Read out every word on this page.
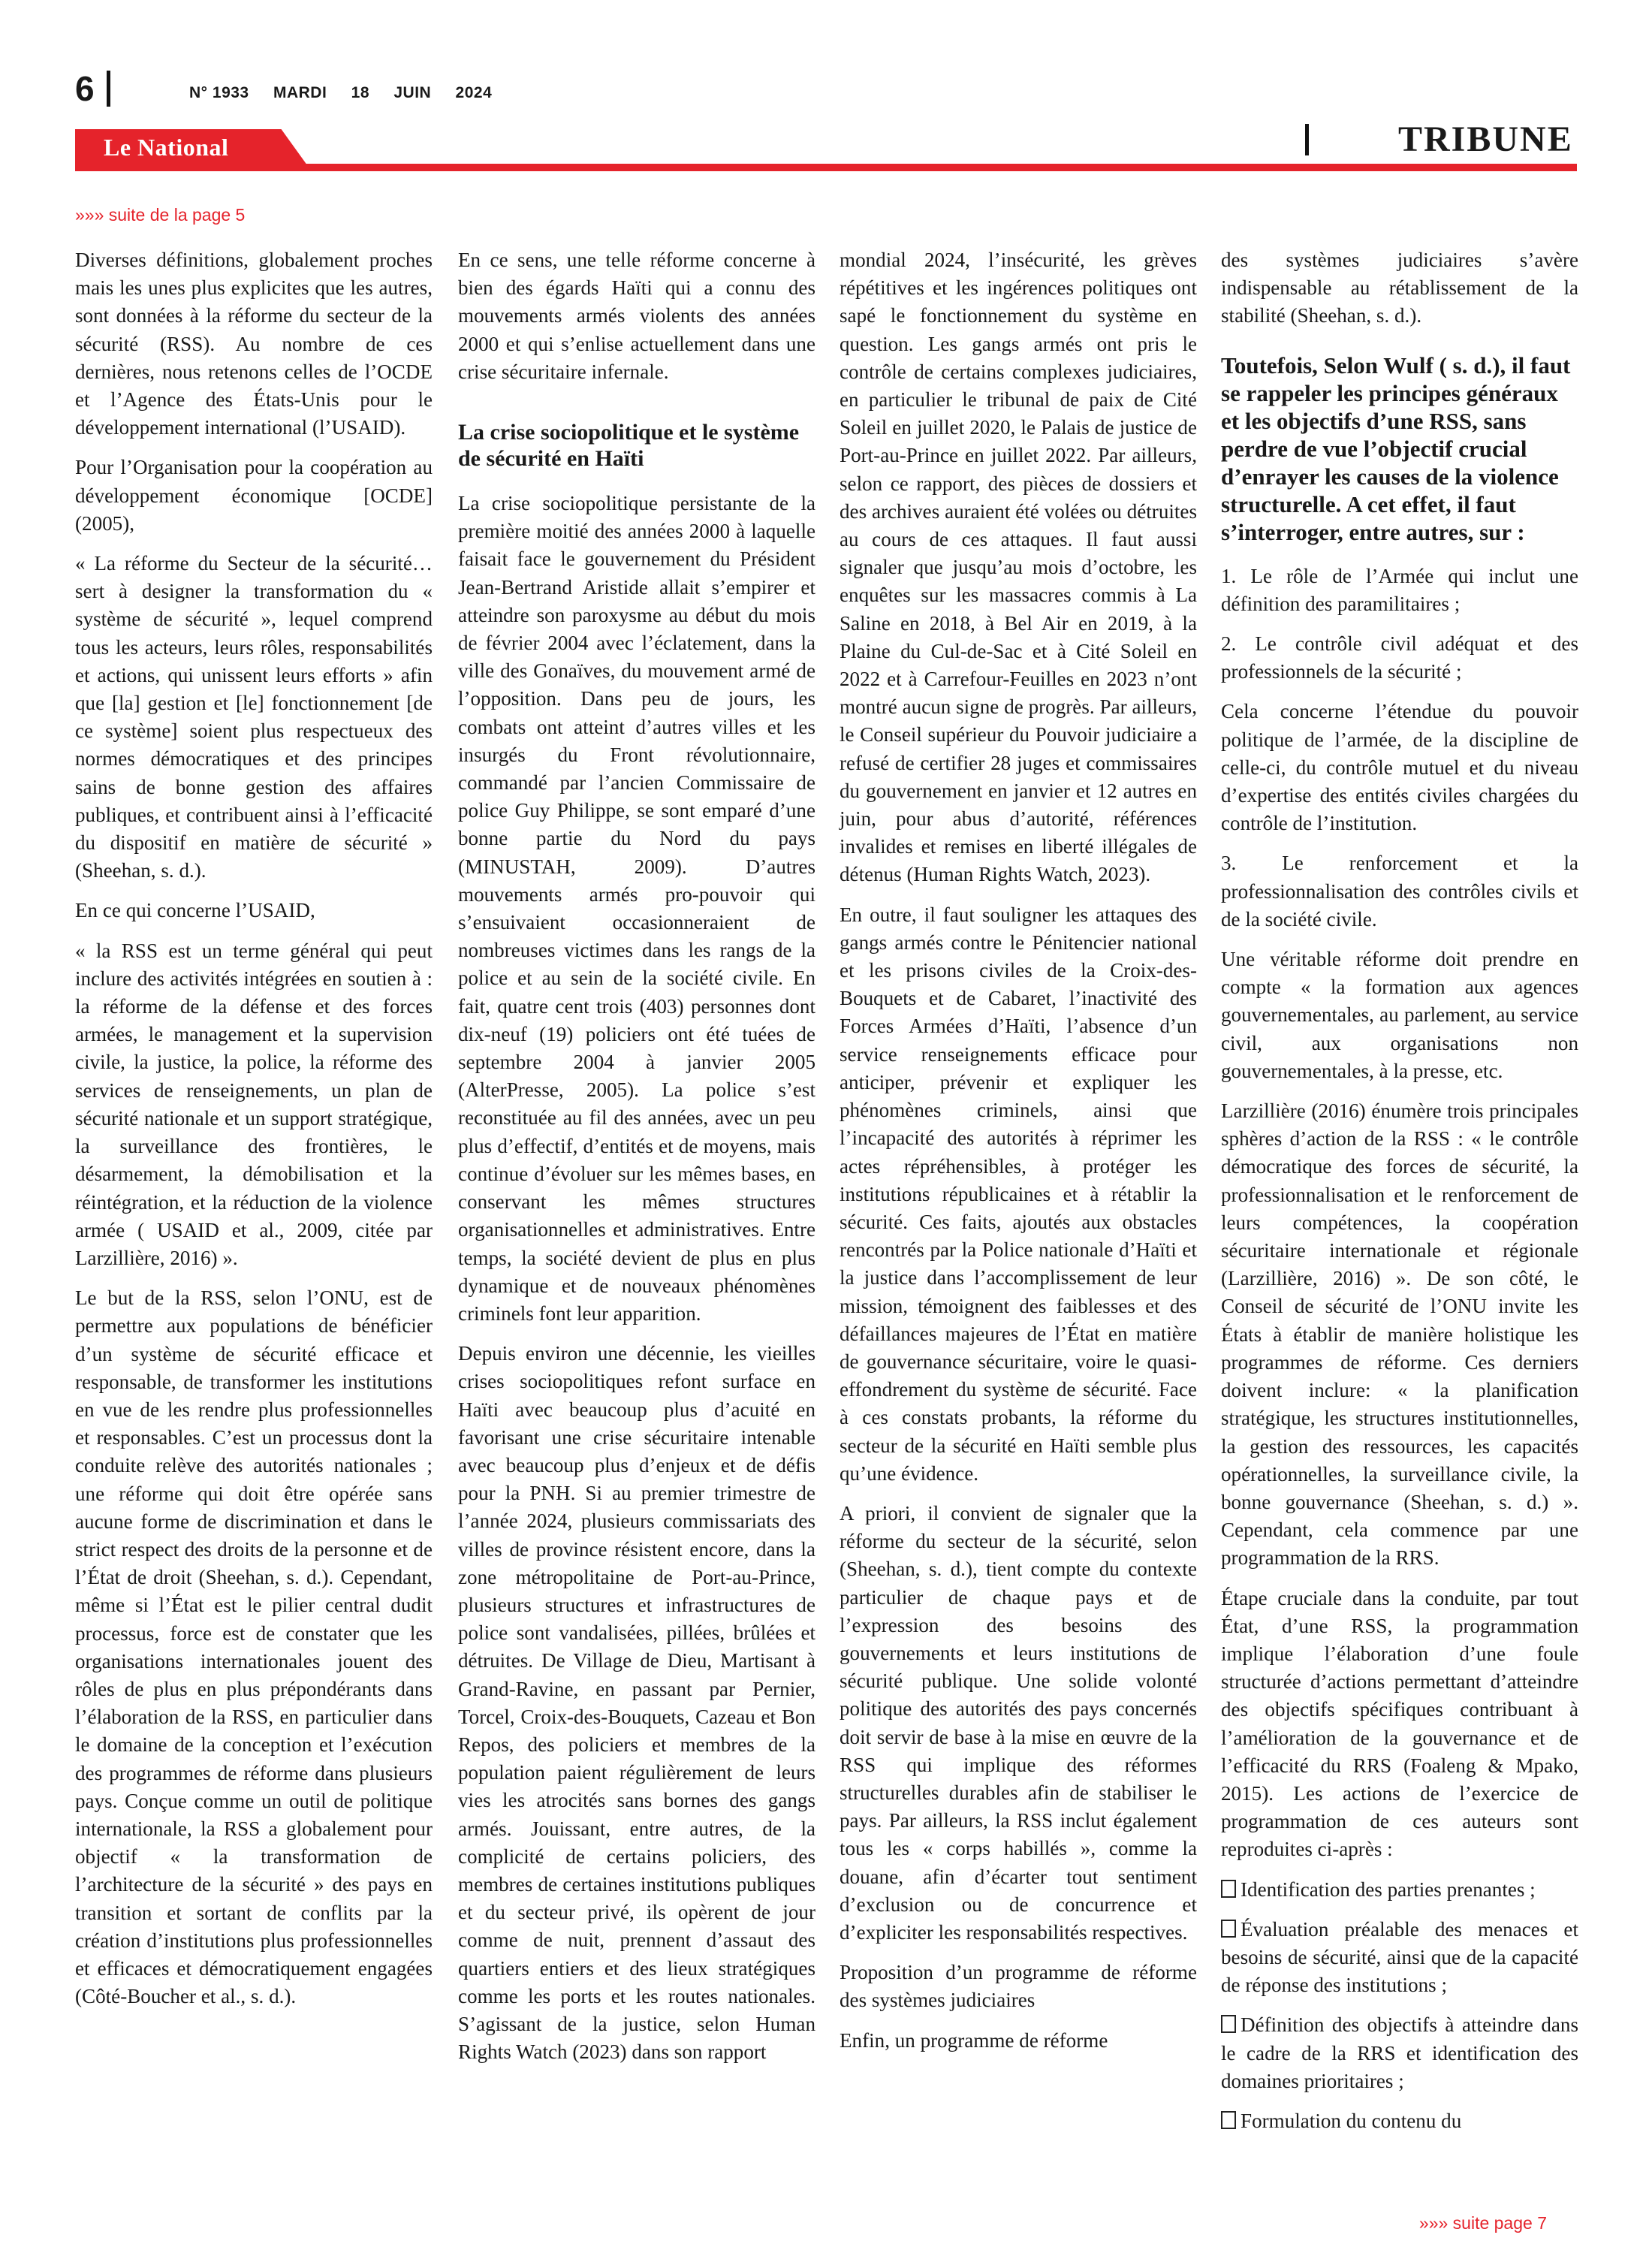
6	N° 1933 MARDI 18 JUIN 2024
Le National	TRIBUNE
»»» suite de la page 5

Diverses définitions, globalement proches mais les unes plus explicites que les autres, sont données à la réforme du secteur de la sécurité (RSS). Au nombre de ces dernières, nous retenons celles de l’OCDE et l’Agence des États-Unis pour le développement international (l’USAID).

Pour l’Organisation pour la coopération au développement économique [OCDE] (2005),

« La réforme du Secteur de la sécurité… sert à designer la transformation du « système de sécurité », lequel comprend tous les acteurs, leurs rôles, responsabilités et actions, qui unissent leurs efforts » afin que [la] gestion et [le] fonctionnement [de ce système] soient plus respectueux des normes démocratiques et des principes sains de bonne gestion des affaires publiques, et contribuent ainsi à l’efficacité du dispositif en matière de sécurité » (Sheehan, s. d.).

En ce qui concerne l’USAID,

« la RSS est un terme général qui peut inclure des activités intégrées en soutien à : la réforme de la défense et des forces armées, le management et la supervision civile, la justice, la police, la réforme des services de renseignements, un plan de sécurité nationale et un support stratégique, la surveillance des frontières, le désarmement, la démobilisation et la réintégration, et la réduction de la violence armée ( USAID et al., 2009, citée par Larzillière, 2016) ».

Le but de la RSS, selon l’ONU, est de permettre aux populations de bénéficier d’un système de sécurité efficace et responsable, de transformer les institutions en vue de les rendre plus professionnelles et responsables. C’est un processus dont la conduite relève des autorités nationales ; une réforme qui doit être opérée sans aucune forme de discrimination et dans le strict respect des droits de la personne et de l’État de droit (Sheehan, s. d.). Cependant, même si l’État est le pilier central dudit processus, force est de constater que les organisations internationales jouent des rôles de plus en plus prépondérants dans l’élaboration de la RSS, en particulier dans le domaine de la conception et l’exécution des programmes de réforme dans plusieurs pays. Conçue comme un outil de politique internationale, la RSS a globalement pour objectif « la transformation de l’architecture de la sécurité » des pays en transition et sortant de conflits par la création d’institutions plus professionnelles et efficaces et démocratiquement engagées (Côté-Boucher et al., s. d.).

En ce sens, une telle réforme concerne à bien des égards Haïti qui a connu des mouvements armés violents des années 2000 et qui s’enlise actuellement dans une crise sécuritaire infernale.

La crise sociopolitique et le système de sécurité en Haïti

La crise sociopolitique persistante de la première moitié des années 2000 à laquelle faisait face le gouvernement du Président Jean-Bertrand Aristide allait s’empirer et atteindre son paroxysme au début du mois de février 2004 avec l’éclatement, dans la ville des Gonaïves, du mouvement armé de l’opposition. Dans peu de jours, les combats ont atteint d’autres villes et les insurgés du Front révolutionnaire, commandé par l’ancien Commissaire de police Guy Philippe, se sont emparé d’une bonne partie du Nord du pays (MINUSTAH, 2009). D’autres mouvements armés pro-pouvoir qui s’ensuivaient occasionneraient de nombreuses victimes dans les rangs de la police et au sein de la société civile. En fait, quatre cent trois (403) personnes dont dix-neuf (19) policiers ont été tuées de septembre 2004 à janvier 2005 (AlterPresse, 2005). La police s’est reconstituée au fil des années, avec un peu plus d’effectif, d’entités et de moyens, mais continue d’évoluer sur les mêmes bases, en conservant les mêmes structures organisationnelles et administratives. Entre temps, la société devient de plus en plus dynamique et de nouveaux phénomènes criminels font leur apparition.

Depuis environ une décennie, les vieilles crises sociopolitiques refont surface en Haïti avec beaucoup plus d’acuité en favorisant une crise sécuritaire intenable avec beaucoup plus d’enjeux et de défis pour la PNH. Si au premier trimestre de l’année 2024, plusieurs commissariats des villes de province résistent encore, dans la zone métropolitaine de Port-au-Prince, plusieurs structures et infrastructures de police sont vandalisées, pillées, brûlées et détruites. De Village de Dieu, Martisant à Grand-Ravine, en passant par Pernier, Torcel, Croix-des-Bouquets, Cazeau et Bon Repos, des policiers et membres de la population paient régulièrement de leurs vies les atrocités sans bornes des gangs armés. Jouissant, entre autres, de la complicité de certains policiers, des membres de certaines institutions publiques et du secteur privé, ils opèrent de jour comme de nuit, prennent d’assaut des quartiers entiers et des lieux stratégiques comme les ports et les routes nationales. S’agissant de la justice, selon Human Rights Watch (2023) dans son rapport

mondial 2024, l’insécurité, les grèves répétitives et les ingérences politiques ont sapé le fonctionnement du système en question. Les gangs armés ont pris le contrôle de certains complexes judiciaires, en particulier le tribunal de paix de Cité Soleil en juillet 2020, le Palais de justice de Port-au-Prince en juillet 2022. Par ailleurs, selon ce rapport, des pièces de dossiers et des archives auraient été volées ou détruites au cours de ces attaques. Il faut aussi signaler que jusqu’au mois d’octobre, les enquêtes sur les massacres commis à La Saline en 2018, à Bel Air en 2019, à la Plaine du Cul-de-Sac et à Cité Soleil en 2022 et à Carrefour-Feuilles en 2023 n’ont montré aucun signe de progrès. Par ailleurs, le Conseil supérieur du Pouvoir judiciaire a refusé de certifier 28 juges et commissaires du gouvernement en janvier et 12 autres en juin, pour abus d’autorité, références invalides et remises en liberté illégales de détenus (Human Rights Watch, 2023).

En outre, il faut souligner les attaques des gangs armés contre le Pénitencier national et les prisons civiles de la Croix-des-Bouquets et de Cabaret, l’inactivité des Forces Armées d’Haïti, l’absence d’un service renseignements efficace pour anticiper, prévenir et expliquer les phénomènes criminels, ainsi que l’incapacité des autorités à réprimer les actes répréhensibles, à protéger les institutions républicaines et à rétablir la sécurité. Ces faits, ajoutés aux obstacles rencontrés par la Police nationale d’Haïti et la justice dans l’accomplissement de leur mission, témoignent des faiblesses et des défaillances majeures de l’État en matière de gouvernance sécuritaire, voire le quasi-effondrement du système de sécurité. Face à ces constats probants, la réforme du secteur de la sécurité en Haïti semble plus qu’une évidence.

A priori, il convient de signaler que la réforme du secteur de la sécurité, selon (Sheehan, s. d.), tient compte du contexte particulier de chaque pays et de l’expression des besoins des gouvernements et leurs institutions de sécurité publique. Une solide volonté politique des autorités des pays concernés doit servir de base à la mise en œuvre de la RSS qui implique des réformes structurelles durables afin de stabiliser le pays. Par ailleurs, la RSS inclut également tous les « corps habillés », comme la douane, afin d’écarter tout sentiment d’exclusion ou de concurrence et d’expliciter les responsabilités respectives.

Proposition d’un programme de réforme des systèmes judiciaires

Enfin, un programme de réforme

des systèmes judiciaires s’avère indispensable au rétablissement de la stabilité (Sheehan, s. d.).

Toutefois, Selon Wulf ( s. d.), il faut se rappeler les principes généraux et les objectifs d’une RSS, sans perdre de vue l’objectif crucial d’enrayer les causes de la violence structurelle. A cet effet, il faut s’interroger, entre autres, sur :

1. Le rôle de l’Armée qui inclut une définition des paramilitaires ;

2. Le contrôle civil adéquat et des professionnels de la sécurité ;

Cela concerne l’étendue du pouvoir politique de l’armée, de la discipline de celle-ci, du contrôle mutuel et du niveau d’expertise des entités civiles chargées du contrôle de l’institution.

3. Le renforcement et la professionnalisation des contrôles civils et de la société civile.

Une véritable réforme doit prendre en compte « la formation aux agences gouvernementales, au parlement, au service civil, aux organisations non gouvernementales, à la presse, etc.

Larzillière (2016) énumère trois principales sphères d’action de la RSS : « le contrôle démocratique des forces de sécurité, la professionnalisation et le renforcement de leurs compétences, la coopération sécuritaire internationale et régionale (Larzillière, 2016) ». De son côté, le Conseil de sécurité de l’ONU invite les États à établir de manière holistique les programmes de réforme. Ces derniers doivent inclure: « la planification stratégique, les structures institutionnelles, la gestion des ressources, les capacités opérationnelles, la surveillance civile, la bonne gouvernance (Sheehan, s. d.) ». Cependant, cela commence par une programmation de la RRS.

Étape cruciale dans la conduite, par tout État, d’une RSS, la programmation implique l’élaboration d’une foule structurée d’actions permettant d’atteindre des objectifs spécifiques contribuant à l’amélioration de la gouvernance et de l’efficacité du RRS (Foaleng & Mpako, 2015). Les actions de l’exercice de programmation de ces auteurs sont reproduites ci-après :

Identification des parties prenantes ;

Évaluation préalable des menaces et besoins de sécurité, ainsi que de la capacité de réponse des institutions ;

Définition des objectifs à atteindre dans le cadre de la RRS et identification des domaines prioritaires ;

Formulation du contenu du

»»» suite page 7
